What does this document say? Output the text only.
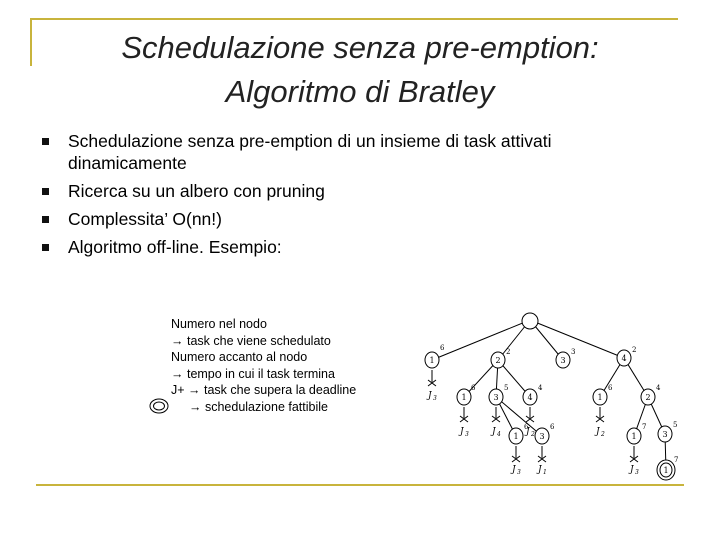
Schedulazione senza pre-emption:
Algoritmo di Bratley
Schedulazione senza pre-emption di un insieme di task attivati dinamicamente
Ricerca su un albero con pruning
Complessita’ O(nn!)
Algoritmo off-line. Esempio:
Numero nel nodo
→ task che viene schedulato
Numero accanto al nodo
→ tempo in cui il task termina
J+ → task che supera la deadline
→ schedulazione fattibile
1	2	3	4
1	3	4	1	2
1	3	1	3
1
6	2	3	2
6	5	4	6	4
6	6	7	5
7
J 3
J 3	J 4	J 2	J 2
J 3 J 1	J 3
